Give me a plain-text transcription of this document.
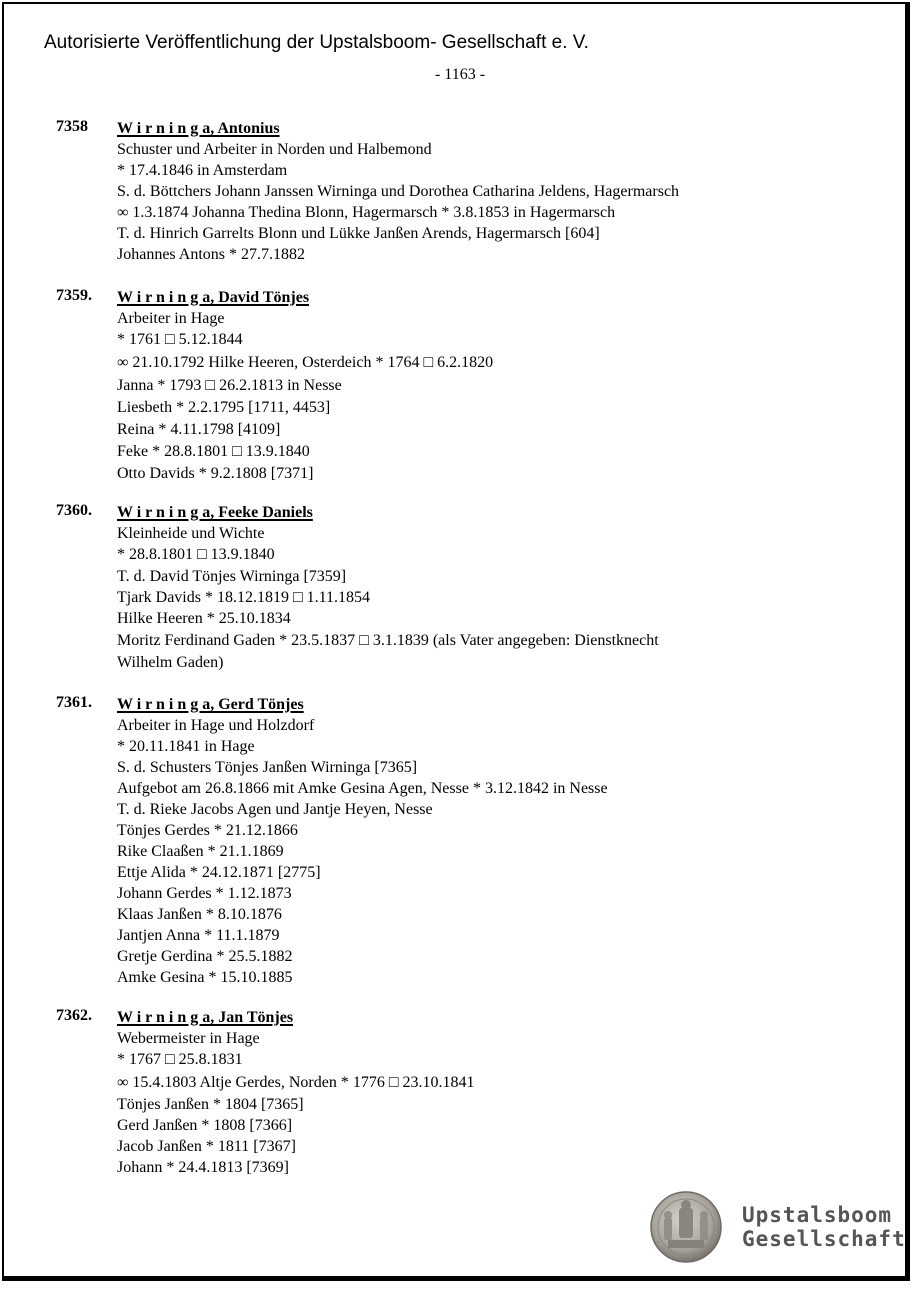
Autorisierte Veröffentlichung der Upstalsboom- Gesellschaft e. V.
- 1163 -
7358 W i r n i n g a, Antonius
Schuster und Arbeiter in Norden und Halbemond
* 17.4.1846 in Amsterdam
S. d. Böttchers Johann Janssen Wirninga und Dorothea Catharina Jeldens, Hagermarsch
∞ 1.3.1874 Johanna Thedina Blonn, Hagermarsch * 3.8.1853 in Hagermarsch
T. d. Hinrich Garrelts Blonn und Lükke Janßen Arends, Hagermarsch [604]
Johannes Antons * 27.7.1882
7359. W i r n i n g a, David Tönjes
Arbeiter in Hage
* 1761 □ 5.12.1844
∞ 21.10.1792 Hilke Heeren, Osterdeich * 1764 □ 6.2.1820
Janna * 1793 □ 26.2.1813 in Nesse
Liesbeth * 2.2.1795 [1711, 4453]
Reina * 4.11.1798 [4109]
Feke * 28.8.1801 □ 13.9.1840
Otto Davids * 9.2.1808 [7371]
7360. W i r n i n g a, Feeke Daniels
Kleinheide und Wichte
* 28.8.1801 □ 13.9.1840
T. d. David Tönjes Wirninga [7359]
Tjark Davids * 18.12.1819 □ 1.11.1854
Hilke Heeren * 25.10.1834
Moritz Ferdinand Gaden * 23.5.1837 □ 3.1.1839 (als Vater angegeben: Dienstknecht
Wilhelm Gaden)
7361. W i r n i n g a, Gerd Tönjes
Arbeiter in Hage und Holzdorf
* 20.11.1841 in Hage
S. d. Schusters Tönjes Janßen Wirninga [7365]
Aufgebot am 26.8.1866 mit Amke Gesina Agen, Nesse * 3.12.1842 in Nesse
T. d. Rieke Jacobs Agen und Jantje Heyen, Nesse
Tönjes Gerdes * 21.12.1866
Rike Claaßen * 21.1.1869
Ettje Alida * 24.12.1871 [2775]
Johann Gerdes * 1.12.1873
Klaas Janßen * 8.10.1876
Jantjen Anna * 11.1.1879
Gretje Gerdina * 25.5.1882
Amke Gesina * 15.10.1885
7362. W i r n i n g a, Jan Tönjes
Webermeister in Hage
* 1767 □ 25.8.1831
∞ 15.4.1803 Altje Gerdes, Norden * 1776 □ 23.10.1841
Tönjes Janßen * 1804 [7365]
Gerd Janßen * 1808 [7366]
Jacob Janßen * 1811 [7367]
Johann * 24.4.1813 [7369]
Upstalsboom
Gesellschaft
